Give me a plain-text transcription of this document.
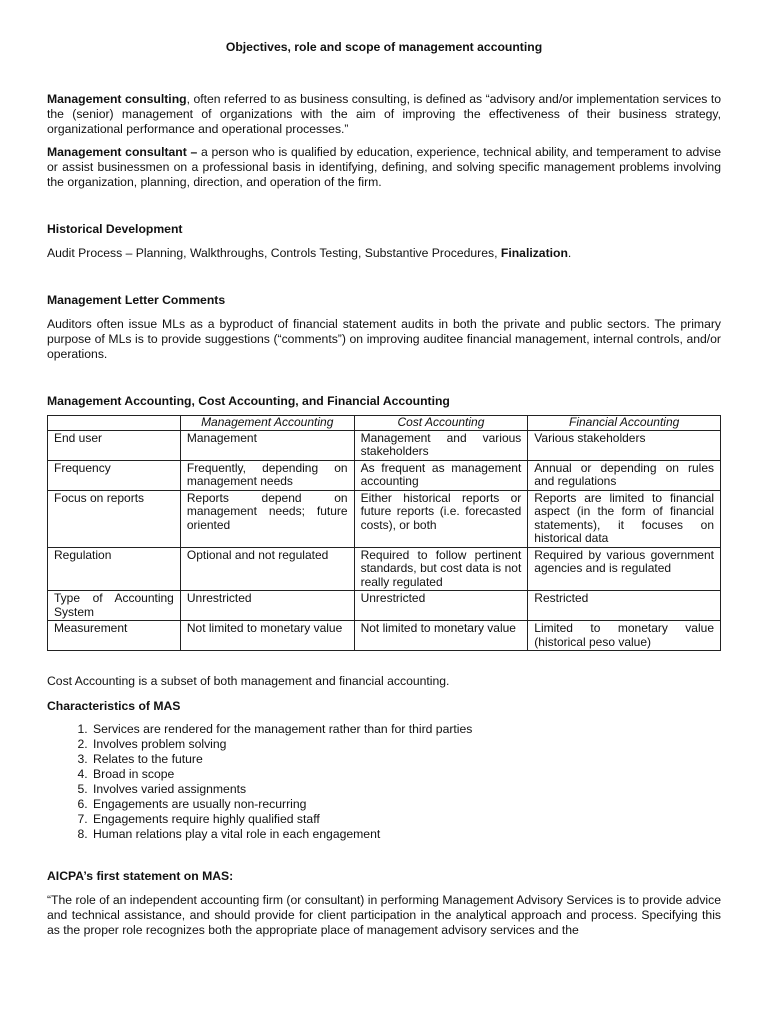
Objectives, role and scope of management accounting

Management consulting, often referred to as business consulting, is defined as “advisory and/or implementation services to the (senior) management of organizations with the aim of improving the effectiveness of their business strategy, organizational performance and operational processes.”

Management consultant – a person who is qualified by education, experience, technical ability, and temperament to advise or assist businessmen on a professional basis in identifying, defining, and solving specific management problems involving the organization, planning, direction, and operation of the firm.

Historical Development

Audit Process – Planning, Walkthroughs, Controls Testing, Substantive Procedures, Finalization.

Management Letter Comments

Auditors often issue MLs as a byproduct of financial statement audits in both the private and public sectors. The primary purpose of MLs is to provide suggestions (“comments”) on improving auditee financial management, internal controls, and/or operations.

Management Accounting, Cost Accounting, and Financial Accounting
	Management Accounting	Cost Accounting	Financial Accounting
End user	Management	Management and various stakeholders	Various stakeholders
Frequency	Frequently, depending on management needs	As frequent as management accounting	Annual or depending on rules and regulations
Focus on reports	Reports depend on management needs; future oriented	Either historical reports or future reports (i.e. forecasted costs), or both	Reports are limited to financial aspect (in the form of financial statements), it focuses on historical data
Regulation	Optional and not regulated	Required to follow pertinent standards, but cost data is not really regulated	Required by various government agencies and is regulated
Type of Accounting System	Unrestricted	Unrestricted	Restricted
Measurement	Not limited to monetary value	Not limited to monetary value	Limited to monetary value (historical peso value)

Cost Accounting is a subset of both management and financial accounting.

Characteristics of MAS
1. Services are rendered for the management rather than for third parties
2. Involves problem solving
3. Relates to the future
4. Broad in scope
5. Involves varied assignments
6. Engagements are usually non-recurring
7. Engagements require highly qualified staff
8. Human relations play a vital role in each engagement
AICPA’s first statement on MAS:

“The role of an independent accounting firm (or consultant) in performing Management Advisory Services is to provide advice and technical assistance, and should provide for client participation in the analytical approach and process. Specifying this as the proper role recognizes both the appropriate place of management advisory services and the
